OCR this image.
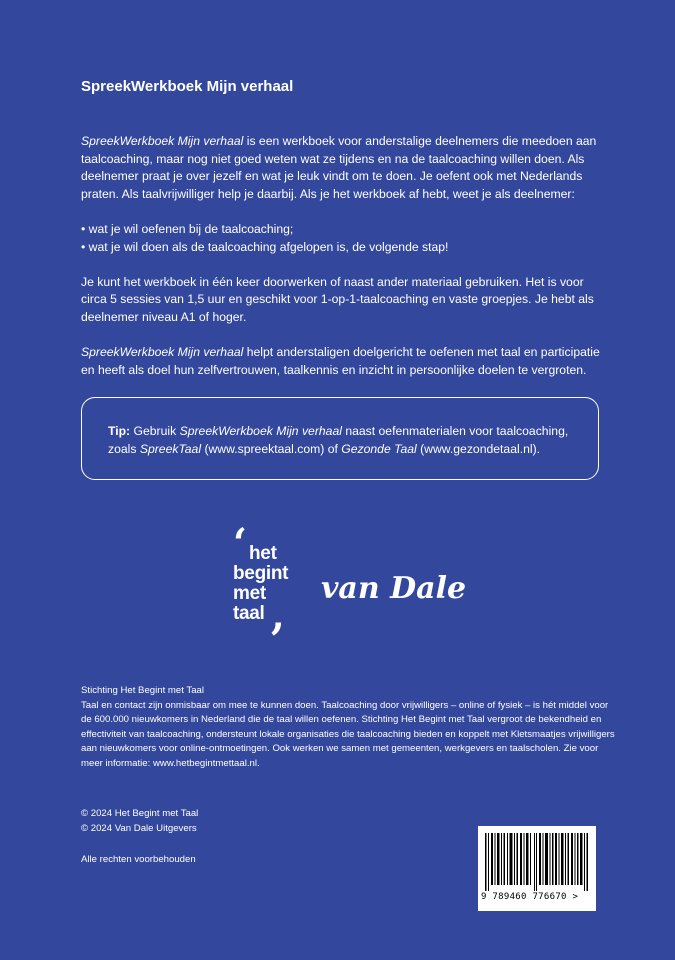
SpreekWerkboek Mijn verhaal

SpreekWerkboek Mijn verhaal is een werkboek voor anderstalige deelnemers die meedoen aan taalcoaching, maar nog niet goed weten wat ze tijdens en na de taalcoaching willen doen. Als deelnemer praat je over jezelf en wat je leuk vindt om te doen. Je oefent ook met Nederlands praten. Als taalvrijwilliger help je daarbij. Als je het werkboek af hebt, weet je als deelnemer:

• wat je wil oefenen bij de taalcoaching;
• wat je wil doen als de taalcoaching afgelopen is, de volgende stap!

Je kunt het werkboek in één keer doorwerken of naast ander materiaal gebruiken. Het is voor circa 5 sessies van 1,5 uur en geschikt voor 1-op-1-taalcoaching en vaste groepjes. Je hebt als deelnemer niveau A1 of hoger.

SpreekWerkboek Mijn verhaal helpt anderstaligen doelgericht te oefenen met taal en participatie en heeft als doel hun zelfvertrouwen, taalkennis en inzicht in persoonlijke doelen te vergroten.

Tip: Gebruik SpreekWerkboek Mijn verhaal naast oefenmaterialen voor taalcoaching, zoals SpreekTaal (www.spreektaal.com) of Gezonde Taal (www.gezondetaal.nl).
‘ het
begint
met
taal ,
van Dale

Stichting Het Begint met Taal

Taal en contact zijn onmisbaar om mee te kunnen doen. Taalcoaching door vrijwilligers – online of fysiek – is hét middel voor de 600.000 nieuwkomers in Nederland die de taal willen oefenen. Stichting Het Begint met Taal vergroot de bekendheid en effectiviteit van taalcoaching, ondersteunt lokale organisaties die taalcoaching bieden en koppelt met Kletsmaatjes vrijwilligers aan nieuwkomers voor online-ontmoetingen. Ook werken we samen met gemeenten, werkgevers en taalscholen. Zie voor meer informatie: www.hetbegintmettaal.nl.

© 2024 Het Begint met Taal

© 2024 Van Dale Uitgevers

Alle rechten voorbehouden

9 789460 776670 >
